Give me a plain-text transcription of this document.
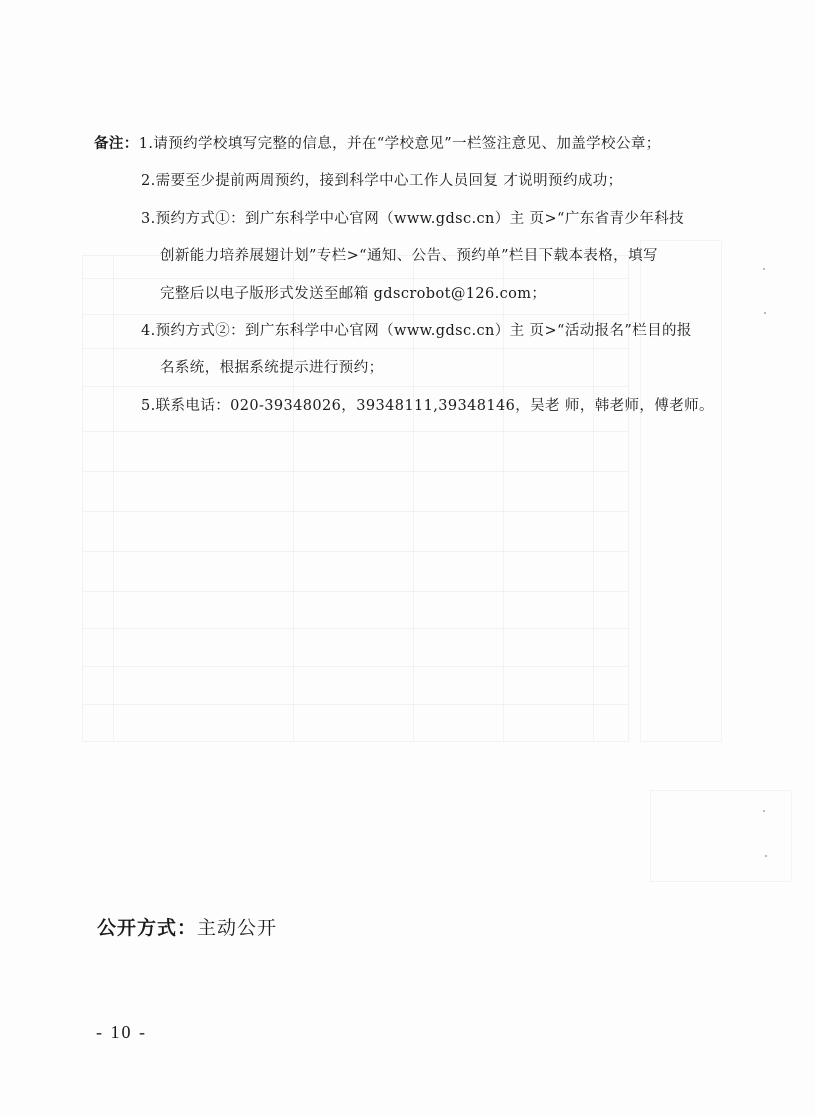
备注：1.请预约学校填写完整的信息，并在“学校意见”一栏签注意见、加盖学校公章；
2.需要至少提前两周预约，接到科学中心工作人员回复 才说明预约成功；
3.预约方式①：到广东科学中心官网（www.gdsc.cn）主 页>“广东省青少年科技
创新能力培养展翅计划”专栏>“通知、公告、预约单”栏目下载本表格，填写
完整后以电子版形式发送至邮箱 gdscrobot@126.com；
4.预约方式②：到广东科学中心官网（www.gdsc.cn）主 页>“活动报名”栏目的报
名系统，根据系统提示进行预约；
5.联系电话：020-39348026，39348111,39348146，吴老 师，韩老师，傅老师。
公开方式：主动公开
- 10 -
